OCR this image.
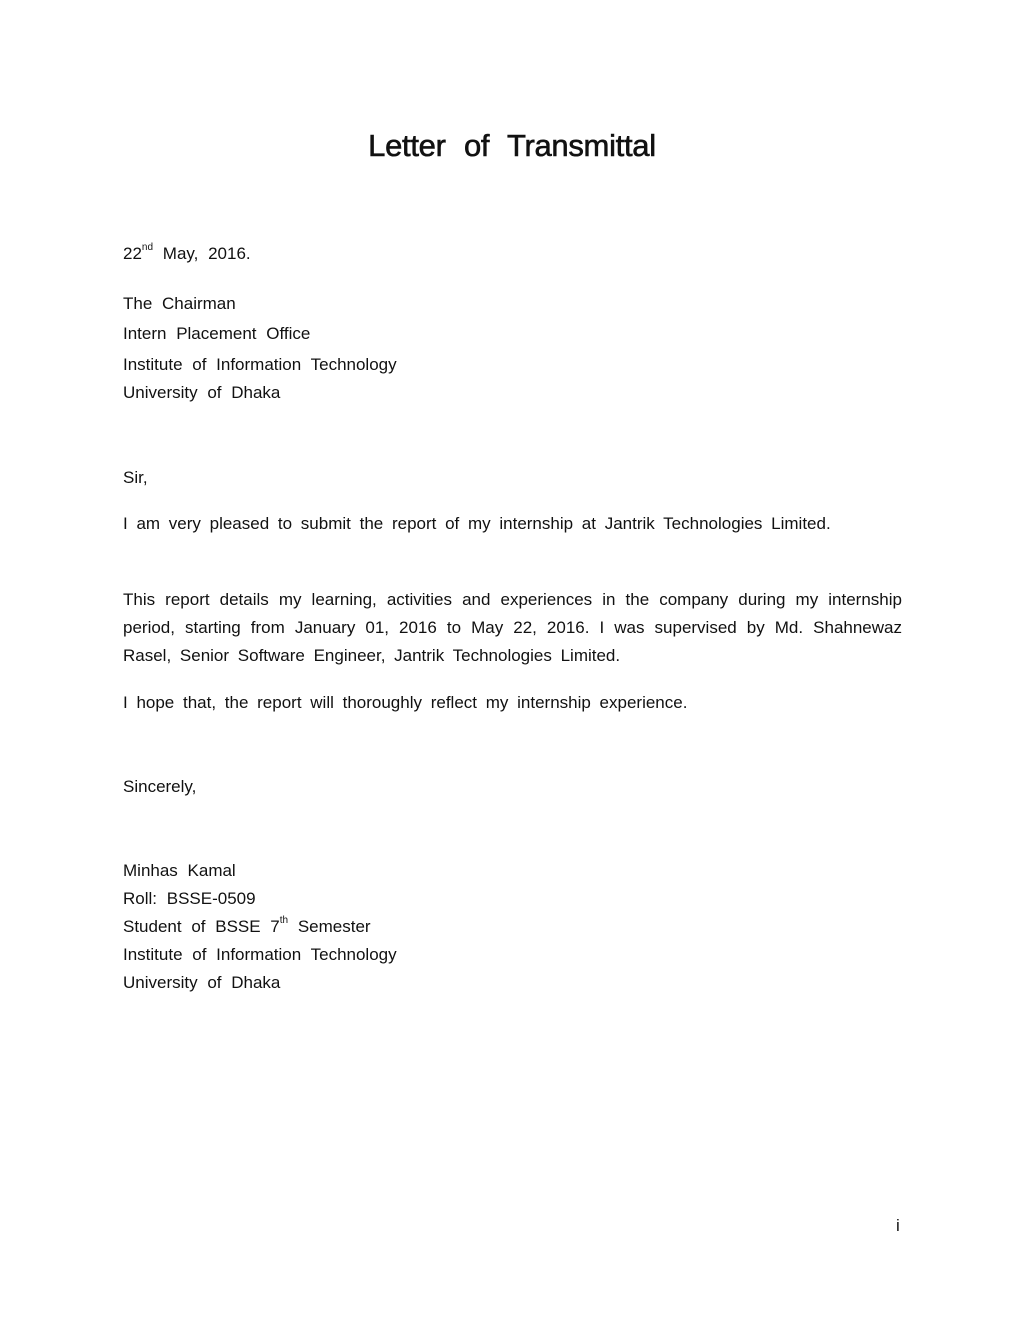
Letter of Transmittal

22nd May, 2016.

The Chairman

Intern Placement Office

Institute of Information Technology

University of Dhaka

Sir,

I am very pleased to submit the report of my internship at Jantrik Technologies Limited.

This report details my learning, activities and experiences in the company during my internship period, starting from January 01, 2016 to May 22, 2016. I was supervised by Md. Shahnewaz Rasel, Senior Software Engineer, Jantrik Technologies Limited.

I hope that, the report will thoroughly reflect my internship experience.

Sincerely,

Minhas Kamal

Roll: BSSE-0509

Student of BSSE 7th Semester

Institute of Information Technology

University of Dhaka

i
